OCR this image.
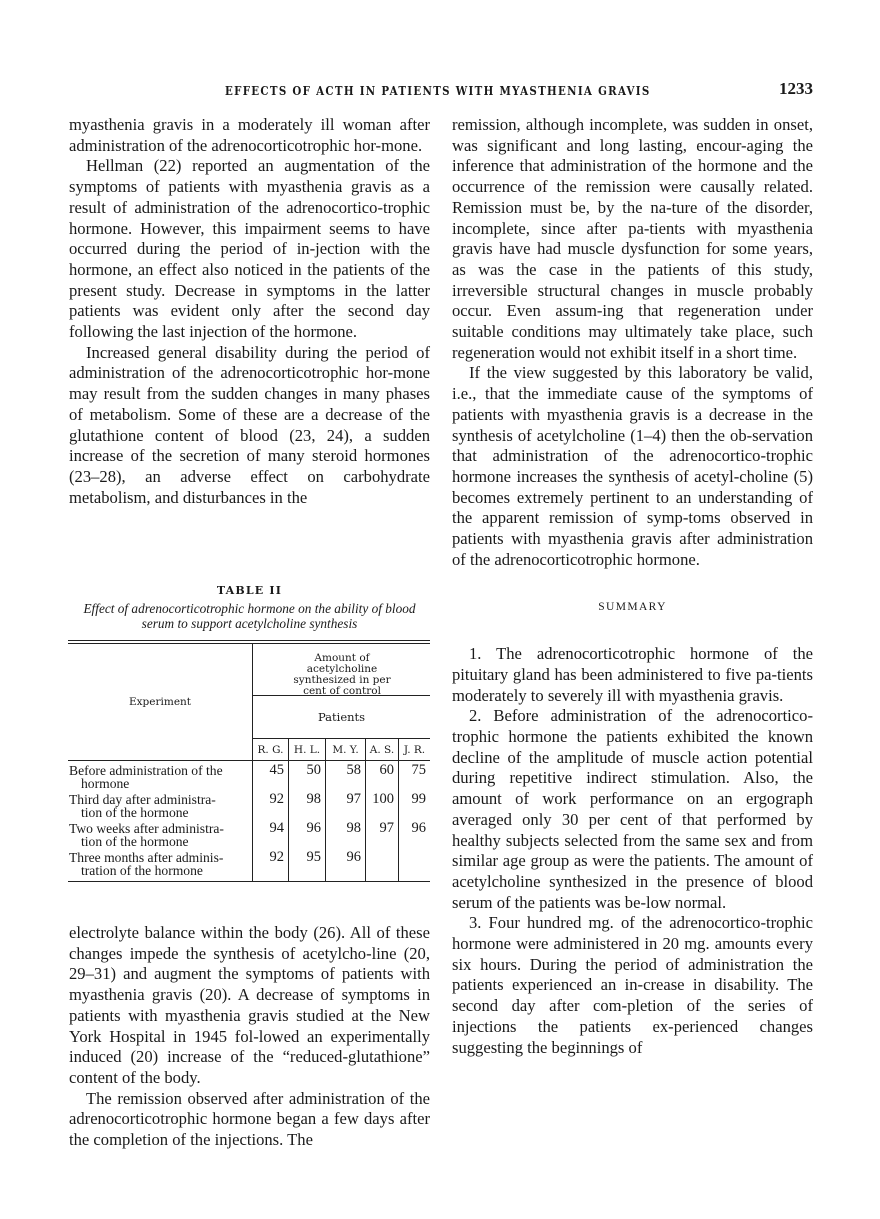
EFFECTS OF ACTH IN PATIENTS WITH MYASTHENIA GRAVIS	1233

myasthenia gravis in a moderately ill woman after administration of the adrenocorticotrophic hor-mone.

Hellman (22) reported an augmentation of the symptoms of patients with myasthenia gravis as a result of administration of the adrenocortico-trophic hormone. However, this impairment seems to have occurred during the period of in-jection with the hormone, an effect also noticed in the patients of the present study. Decrease in symptoms in the latter patients was evident only after the second day following the last injection of the hormone.

Increased general disability during the period of administration of the adrenocorticotrophic hor-mone may result from the sudden changes in many phases of metabolism. Some of these are a decrease of the glutathione content of blood (23, 24), a sudden increase of the secretion of many steroid hormones (23–28), an adverse effect on carbohydrate metabolism, and disturbances in the

TABLE II
Effect of adrenocorticotrophic hormone on the ability of blood serum to support acetylcholine synthesis
Experiment
Amount of acetylcholine synthesized in per cent of control
Patients
R. G. H. L.	M. Y.	A. S. J. R.
Before administration of the
hormone
45	50	58	60	75
Third day after administra-
tion of the hormone
92	98	97 100	99
Two weeks after administra-
tion of the hormone
94	96	98	97	96
Three months after adminis-
tration of the hormone
92	95	96

electrolyte balance within the body (26). All of these changes impede the synthesis of acetylcho-line (20, 29–31) and augment the symptoms of patients with myasthenia gravis (20). A decrease of symptoms in patients with myasthenia gravis studied at the New York Hospital in 1945 fol-lowed an experimentally induced (20) increase of the “reduced-glutathione” content of the body.

The remission observed after administration of the adrenocorticotrophic hormone began a few days after the completion of the injections. The

remission, although incomplete, was sudden in onset, was significant and long lasting, encour-aging the inference that administration of the hormone and the occurrence of the remission were causally related. Remission must be, by the na-ture of the disorder, incomplete, since after pa-tients with myasthenia gravis have had muscle dysfunction for some years, as was the case in the patients of this study, irreversible structural changes in muscle probably occur. Even assum-ing that regeneration under suitable conditions may ultimately take place, such regeneration would not exhibit itself in a short time.

If the view suggested by this laboratory be valid, i.e., that the immediate cause of the symptoms of patients with myasthenia gravis is a decrease in the synthesis of acetylcholine (1–4) then the ob-servation that administration of the adrenocortico-trophic hormone increases the synthesis of acetyl-choline (5) becomes extremely pertinent to an understanding of the apparent remission of symp-toms observed in patients with myasthenia gravis after administration of the adrenocorticotrophic hormone.

SUMMARY

1. The adrenocorticotrophic hormone of the pituitary gland has been administered to five pa-tients moderately to severely ill with myasthenia gravis.

2. Before administration of the adrenocortico-trophic hormone the patients exhibited the known decline of the amplitude of muscle action potential during repetitive indirect stimulation. Also, the amount of work performance on an ergograph averaged only 30 per cent of that performed by healthy subjects selected from the same sex and from similar age group as were the patients. The amount of acetylcholine synthesized in the presence of blood serum of the patients was be-low normal.

3. Four hundred mg. of the adrenocortico-trophic hormone were administered in 20 mg. amounts every six hours. During the period of administration the patients experienced an in-crease in disability. The second day after com-pletion of the series of injections the patients ex-perienced changes suggesting the beginnings of
